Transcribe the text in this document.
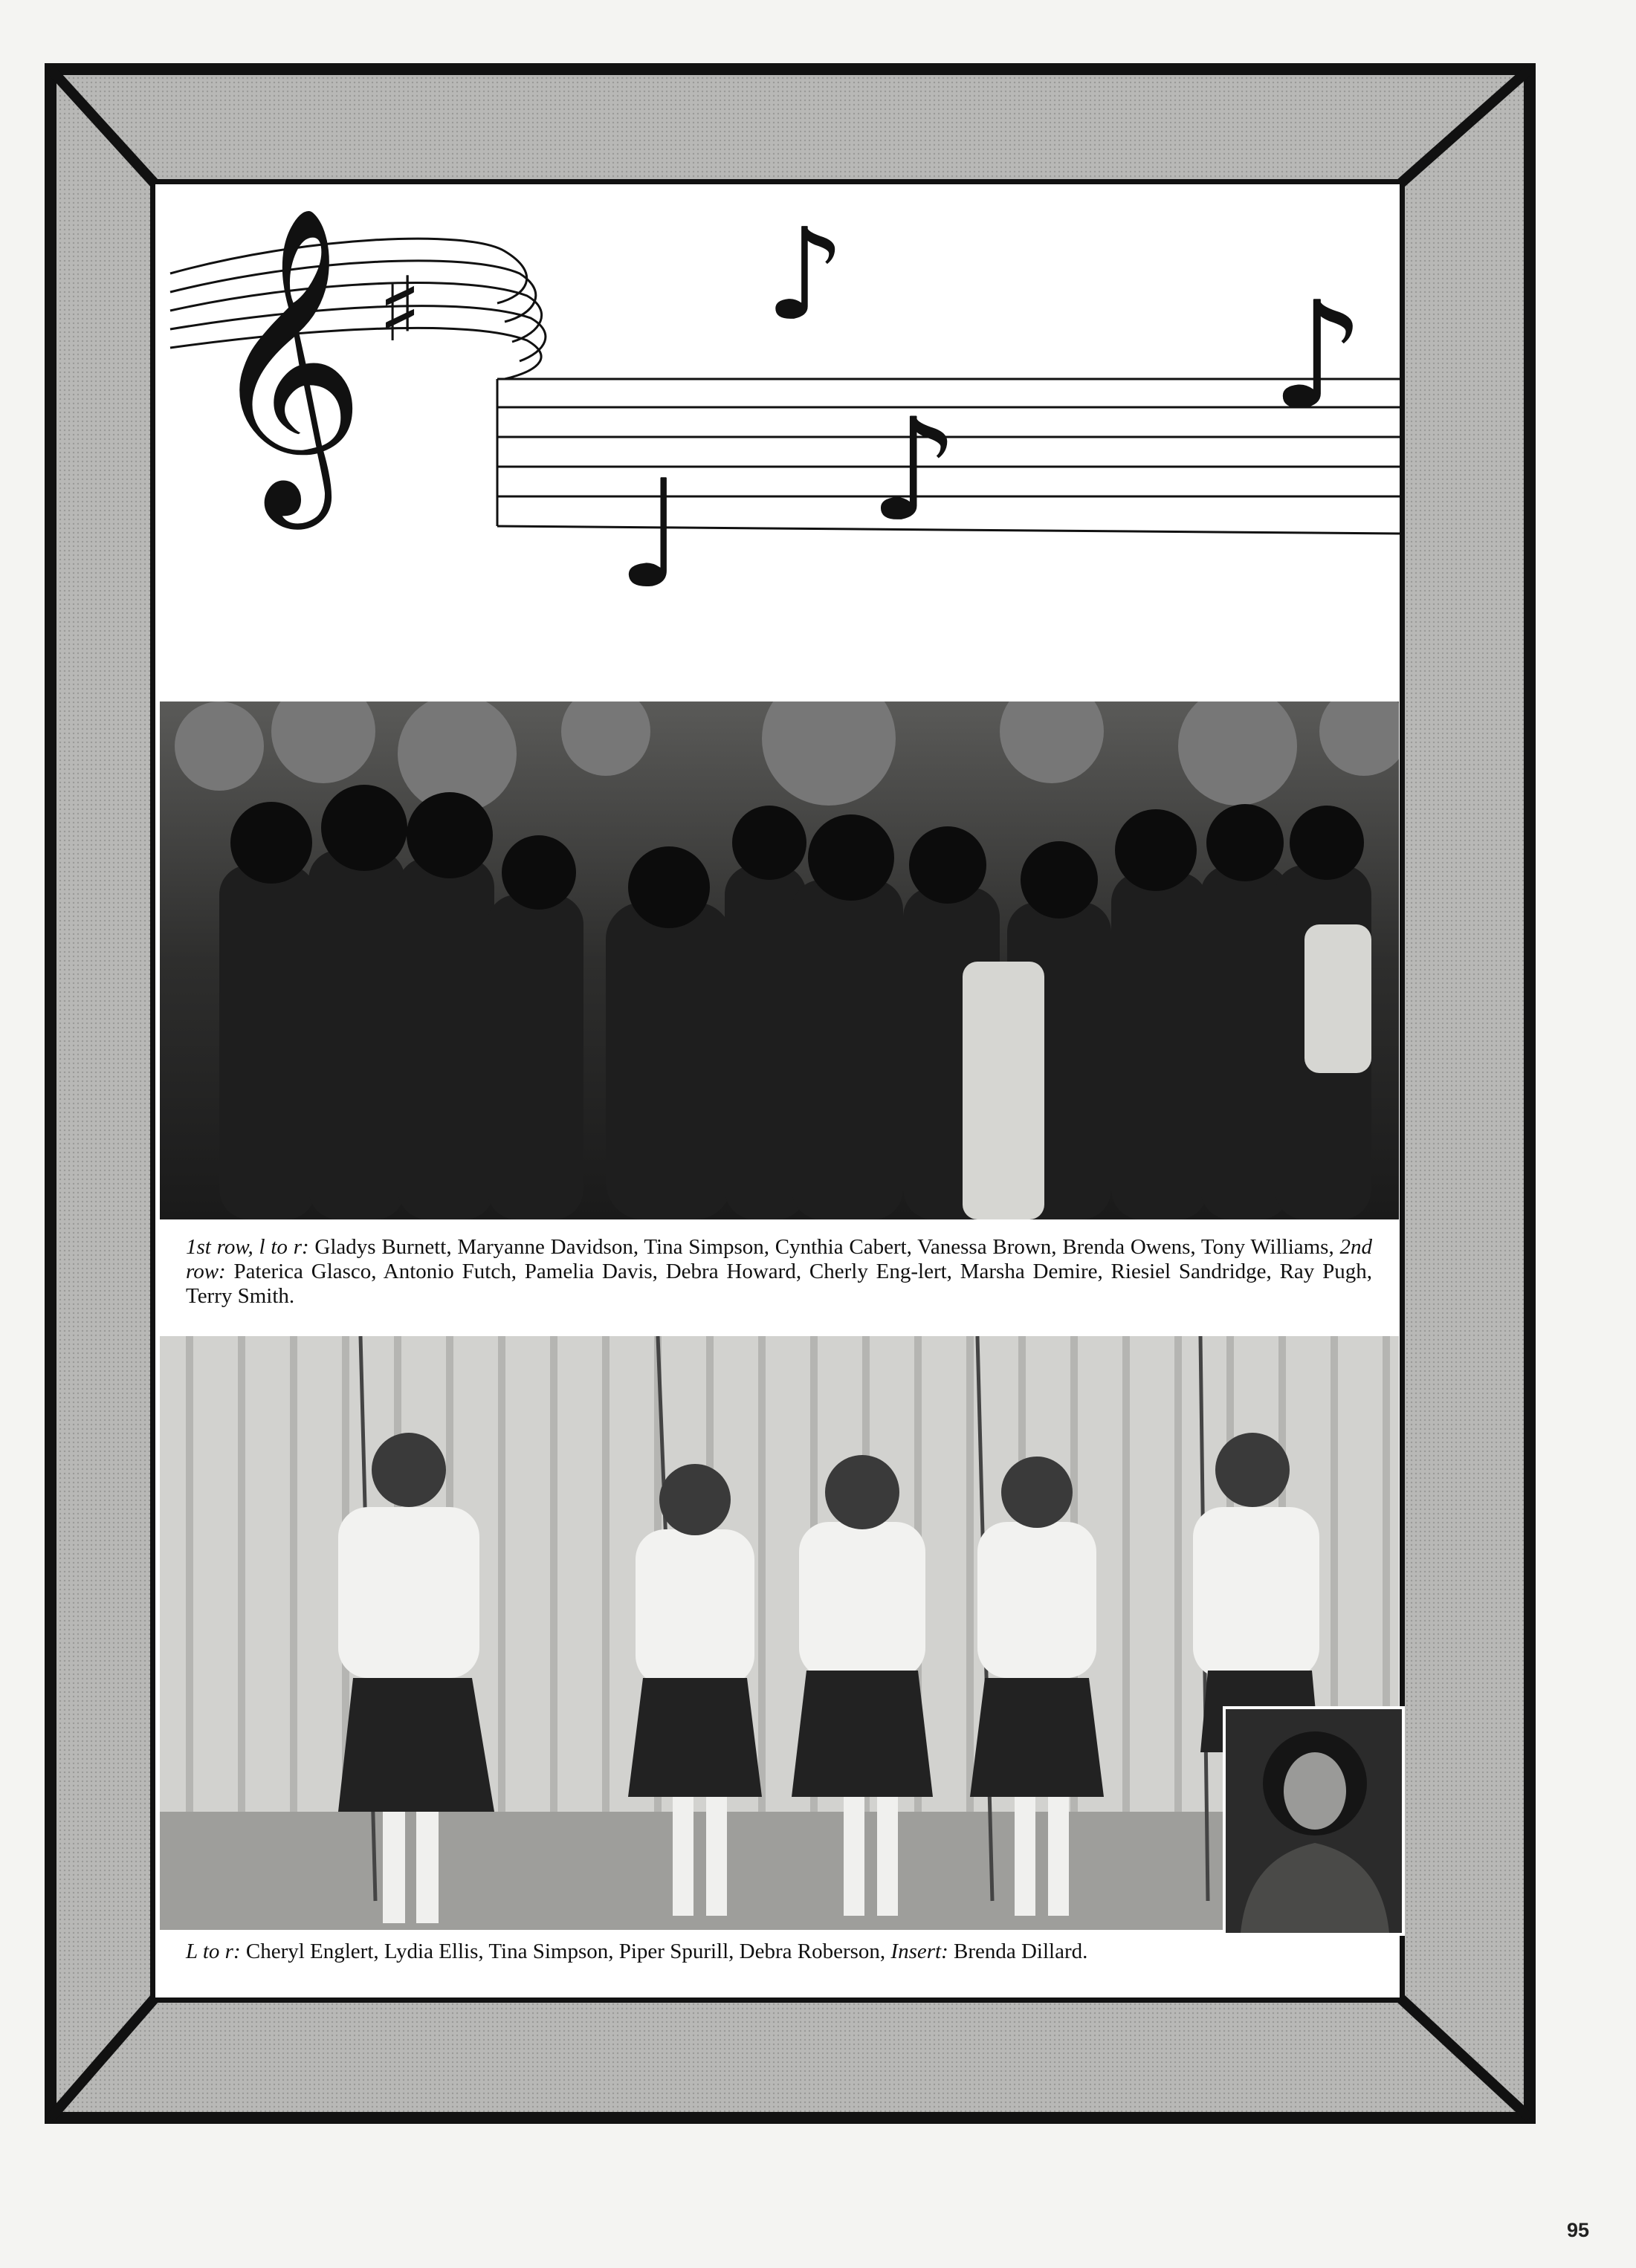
𝄞 ♯	♪	♪
♪
♩
1st row, l to r: Gladys Burnett, Maryanne Davidson, Tina Simpson, Cynthia Cabert, Vanessa Brown, Brenda Owens, Tony Williams, 2nd row: Paterica Glasco, Antonio Futch, Pamelia Davis, Debra Howard, Cherly Eng-lert, Marsha Demire, Riesiel Sandridge, Ray Pugh, Terry Smith.
L to r: Cheryl Englert, Lydia Ellis, Tina Simpson, Piper Spurill, Debra Roberson, Insert: Brenda Dillard.
95
